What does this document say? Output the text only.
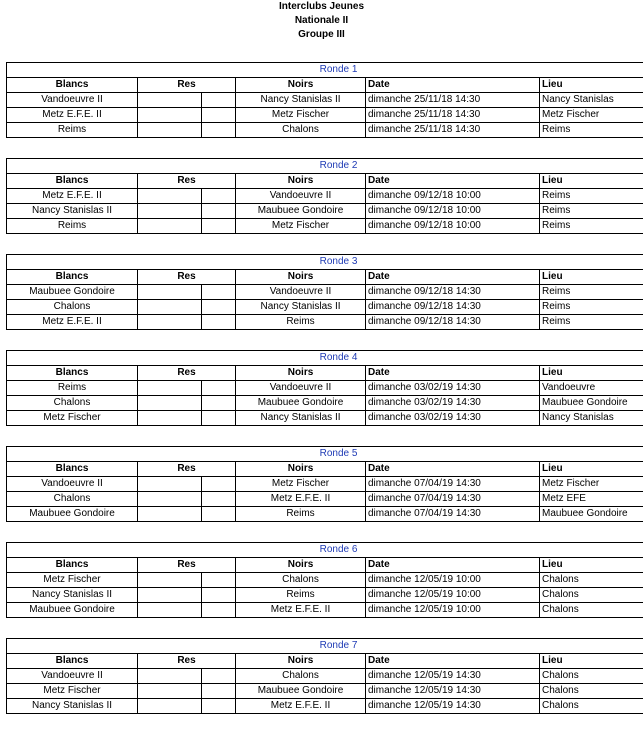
Interclubs Jeunes
Nationale II
Groupe III
Ronde 1					
Blancs	Res		Noirs	Date	Lieu
Vandoeuvre II			Nancy Stanislas II	dimanche 25/11/18 14:30	Nancy Stanislas
Metz E.F.E. II			Metz Fischer	dimanche 25/11/18 14:30	Metz Fischer
Reims			Chalons	dimanche 25/11/18 14:30	Reims
Ronde 2					
Blancs	Res		Noirs	Date	Lieu
Metz E.F.E. II			Vandoeuvre II	dimanche 09/12/18 10:00	Reims
Nancy Stanislas II			Maubuee Gondoire	dimanche 09/12/18 10:00	Reims
Reims			Metz Fischer	dimanche 09/12/18 10:00	Reims
Ronde 3					
Blancs	Res		Noirs	Date	Lieu
Maubuee Gondoire			Vandoeuvre II	dimanche 09/12/18 14:30	Reims
Chalons			Nancy Stanislas II	dimanche 09/12/18 14:30	Reims
Metz E.F.E. II			Reims	dimanche 09/12/18 14:30	Reims
Ronde 4					
Blancs	Res		Noirs	Date	Lieu
Reims			Vandoeuvre II	dimanche 03/02/19 14:30	Vandoeuvre
Chalons			Maubuee Gondoire	dimanche 03/02/19 14:30	Maubuee Gondoire
Metz Fischer			Nancy Stanislas II	dimanche 03/02/19 14:30	Nancy Stanislas
Ronde 5					
Blancs	Res		Noirs	Date	Lieu
Vandoeuvre II			Metz Fischer	dimanche 07/04/19 14:30	Metz Fischer
Chalons			Metz E.F.E. II	dimanche 07/04/19 14:30	Metz EFE
Maubuee Gondoire			Reims	dimanche 07/04/19 14:30	Maubuee Gondoire
Ronde 6					
Blancs	Res		Noirs	Date	Lieu
Metz Fischer			Chalons	dimanche 12/05/19 10:00	Chalons
Nancy Stanislas II			Reims	dimanche 12/05/19 10:00	Chalons
Maubuee Gondoire			Metz E.F.E. II	dimanche 12/05/19 10:00	Chalons
Ronde 7					
Blancs	Res		Noirs	Date	Lieu
Vandoeuvre II			Chalons	dimanche 12/05/19 14:30	Chalons
Metz Fischer			Maubuee Gondoire	dimanche 12/05/19 14:30	Chalons
Nancy Stanislas II			Metz E.F.E. II	dimanche 12/05/19 14:30	Chalons
